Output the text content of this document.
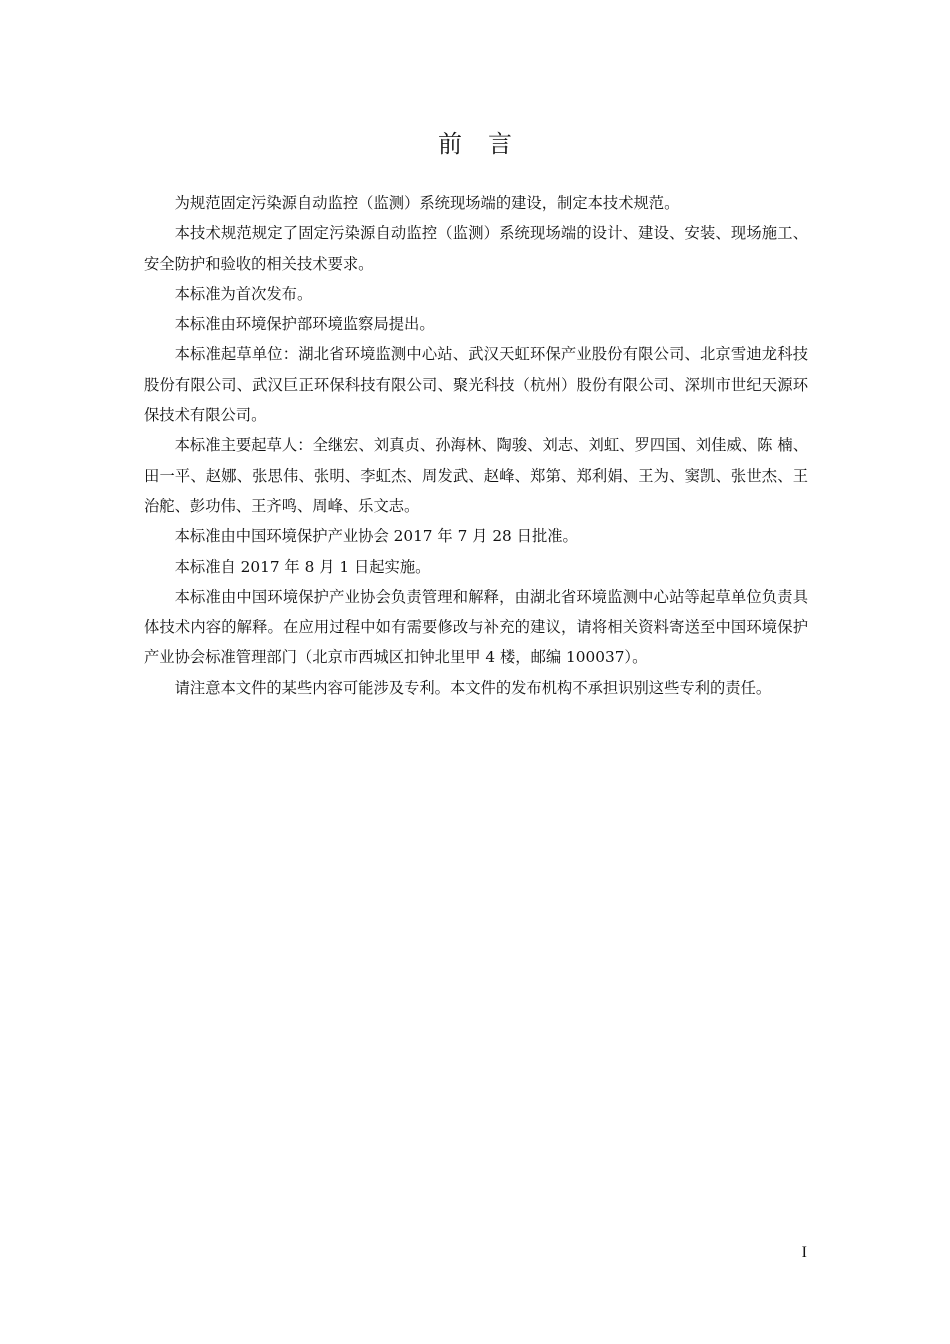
前 言

为规范固定污染源自动监控（监测）系统现场端的建设，制定本技术规范。

本技术规范规定了固定污染源自动监控（监测）系统现场端的设计、建设、安装、现场施工、安全防护和验收的相关技术要求。

本标准为首次发布。

本标准由环境保护部环境监察局提出。

本标准起草单位：湖北省环境监测中心站、武汉天虹环保产业股份有限公司、北京雪迪龙科技股份有限公司、武汉巨正环保科技有限公司、聚光科技（杭州）股份有限公司、深圳市世纪天源环保技术有限公司。

本标准主要起草人：全继宏、刘真贞、孙海林、陶骏、刘志、刘虹、罗四国、刘佳威、陈 楠、田一平、赵娜、张思伟、张明、李虹杰、周发武、赵峰、郑第、郑利娟、王为、窦凯、张世杰、王治舵、彭功伟、王齐鸣、周峰、乐文志。

本标准由中国环境保护产业协会 2017 年 7 月 28 日批准。

本标准自 2017 年 8 月 1 日起实施。

本标准由中国环境保护产业协会负责管理和解释，由湖北省环境监测中心站等起草单位负责具体技术内容的解释。在应用过程中如有需要修改与补充的建议，请将相关资料寄送至中国环境保护产业协会标准管理部门（北京市西城区扣钟北里甲 4 楼，邮编 100037）。

请注意本文件的某些内容可能涉及专利。本文件的发布机构不承担识别这些专利的责任。

I
